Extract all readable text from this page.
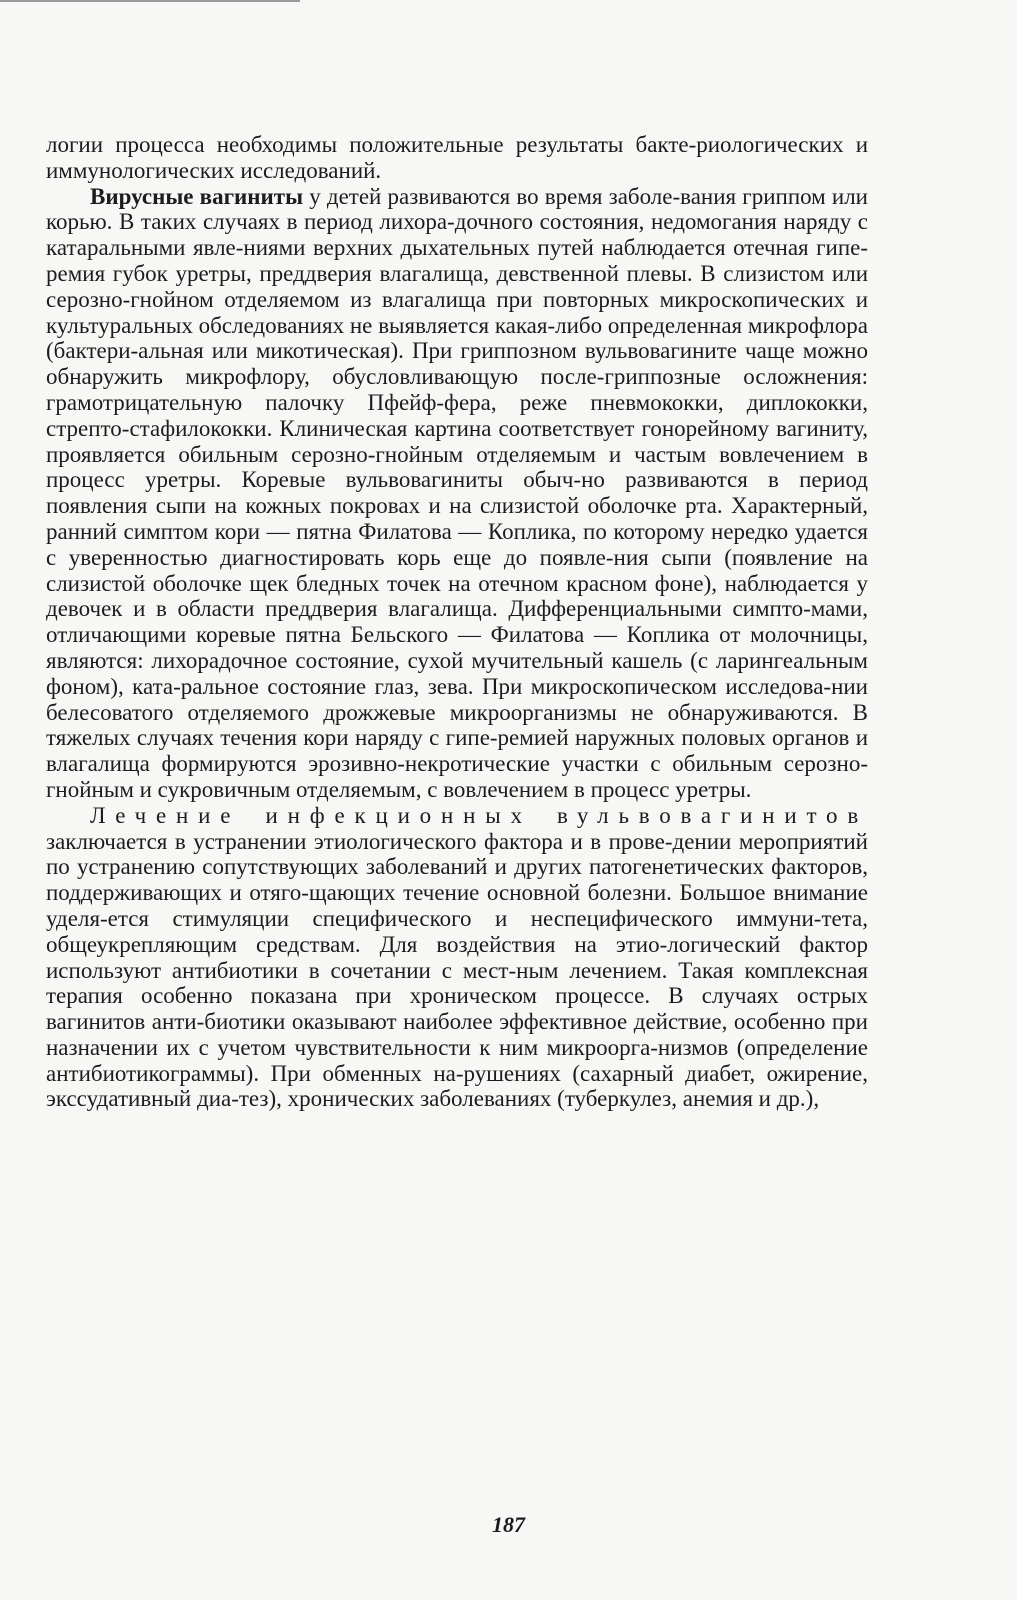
логии процесса необходимы положительные результаты бакте-риологических и иммунологических исследований.

Вирусные вагиниты у детей развиваются во время заболе-вания гриппом или корью. В таких случаях в период лихора-дочного состояния, недомогания наряду с катаральными явле-ниями верхних дыхательных путей наблюдается отечная гипе-ремия губок уретры, преддверия влагалища, девственной плевы. В слизистом или серозно-гнойном отделяемом из влагалища при повторных микроскопических и культуральных обследованиях не выявляется какая-либо определенная микрофлора (бактери-альная или микотическая). При гриппозном вульвовагините чаще можно обнаружить микрофлору, обусловливающую после-гриппозные осложнения: грамотрицательную палочку Пфейф-фера, реже пневмококки, диплококки, стрепто-стафилококки. Клиническая картина соответствует гонорейному вагиниту, проявляется обильным серозно-гнойным отделяемым и частым вовлечением в процесс уретры. Коревые вульвовагиниты обыч-но развиваются в период появления сыпи на кожных покровах и на слизистой оболочке рта. Характерный, ранний симптом кори — пятна Филатова — Коплика, по которому нередко удается с уверенностью диагностировать корь еще до появле-ния сыпи (появление на слизистой оболочке щек бледных точек на отечном красном фоне), наблюдается у девочек и в области преддверия влагалища. Дифференциальными симпто-мами, отличающими коревые пятна Бельского — Филатова — Коплика от молочницы, являются: лихорадочное состояние, сухой мучительный кашель (с ларингеальным фоном), ката-ральное состояние глаз, зева. При микроскопическом исследова-нии белесоватого отделяемого дрожжевые микроорганизмы не обнаруживаются. В тяжелых случаях течения кори наряду с гипе-ремией наружных половых органов и влагалища формируются эрозивно-некротические участки с обильным серозно-гнойным и сукровичным отделяемым, с вовлечением в процесс уретры.

Лечение инфекционных вульвовагинитов заключается в устранении этиологического фактора и в прове-дении мероприятий по устранению сопутствующих заболеваний и других патогенетических факторов, поддерживающих и отяго-щающих течение основной болезни. Большое внимание уделя-ется стимуляции специфического и неспецифического иммуни-тета, общеукрепляющим средствам. Для воздействия на этио-логический фактор используют антибиотики в сочетании с мест-ным лечением. Такая комплексная терапия особенно показана при хроническом процессе. В случаях острых вагинитов анти-биотики оказывают наиболее эффективное действие, особенно при назначении их с учетом чувствительности к ним микроорга-низмов (определение антибиотикограммы). При обменных на-рушениях (сахарный диабет, ожирение, экссудативный диа-тез), хронических заболеваниях (туберкулез, анемия и др.),

187
